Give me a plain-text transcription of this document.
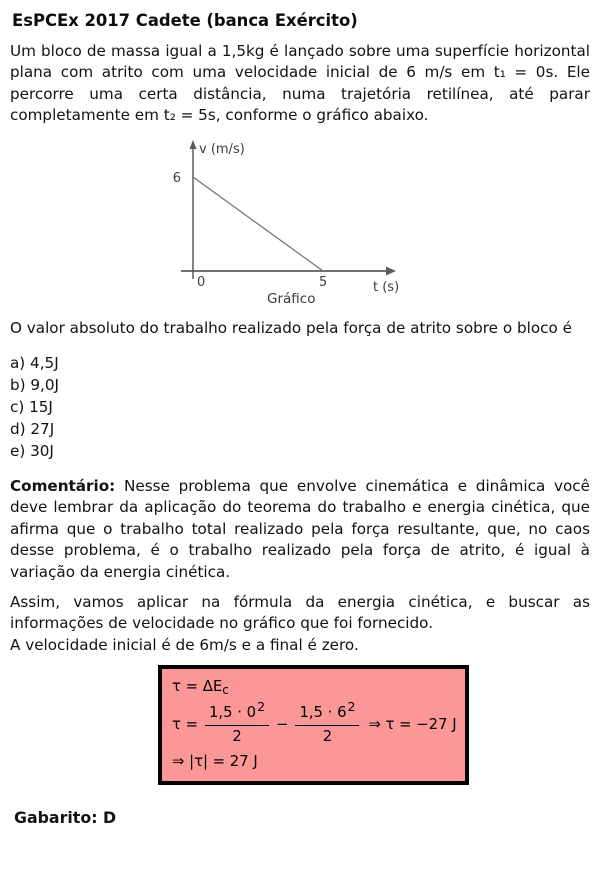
EsPCEx 2017 Cadete (banca Exército)
Um bloco de massa igual a 1,5kg é lançado sobre uma superfície horizontal plana com atrito com uma velocidade inicial de 6 m/s em t₁ = 0s. Ele percorre uma certa distância, numa trajetória retilínea, até parar completamente em t₂ = 5s, conforme o gráfico abaixo.
v (m/s)
6
0	5	t (s)
Gráfico
O valor absoluto do trabalho realizado pela força de atrito sobre o bloco é
a) 4,5J
b) 9,0J
c) 15J
d) 27J
e) 30J
Comentário: Nesse problema que envolve cinemática e dinâmica você deve lembrar da aplicação do teorema do trabalho e energia cinética, que afirma que o trabalho total realizado pela força resultante, que, no caos desse problema, é o trabalho realizado pela força de atrito, é igual à variação da energia cinética.
Assim, vamos aplicar na fórmula da energia cinética, e buscar as informações de velocidade no gráfico que foi fornecido.
A velocidade inicial é de 6m/s e a final é zero.
$\tau = \Delta E_c$
$\tau = \frac{1,5 \cdot 0^2}{2} - \frac{1,5 \cdot 6^2}{2}$ ⇒ τ = −27 J
⇒ |τ| = 27 J
Gabarito: D
